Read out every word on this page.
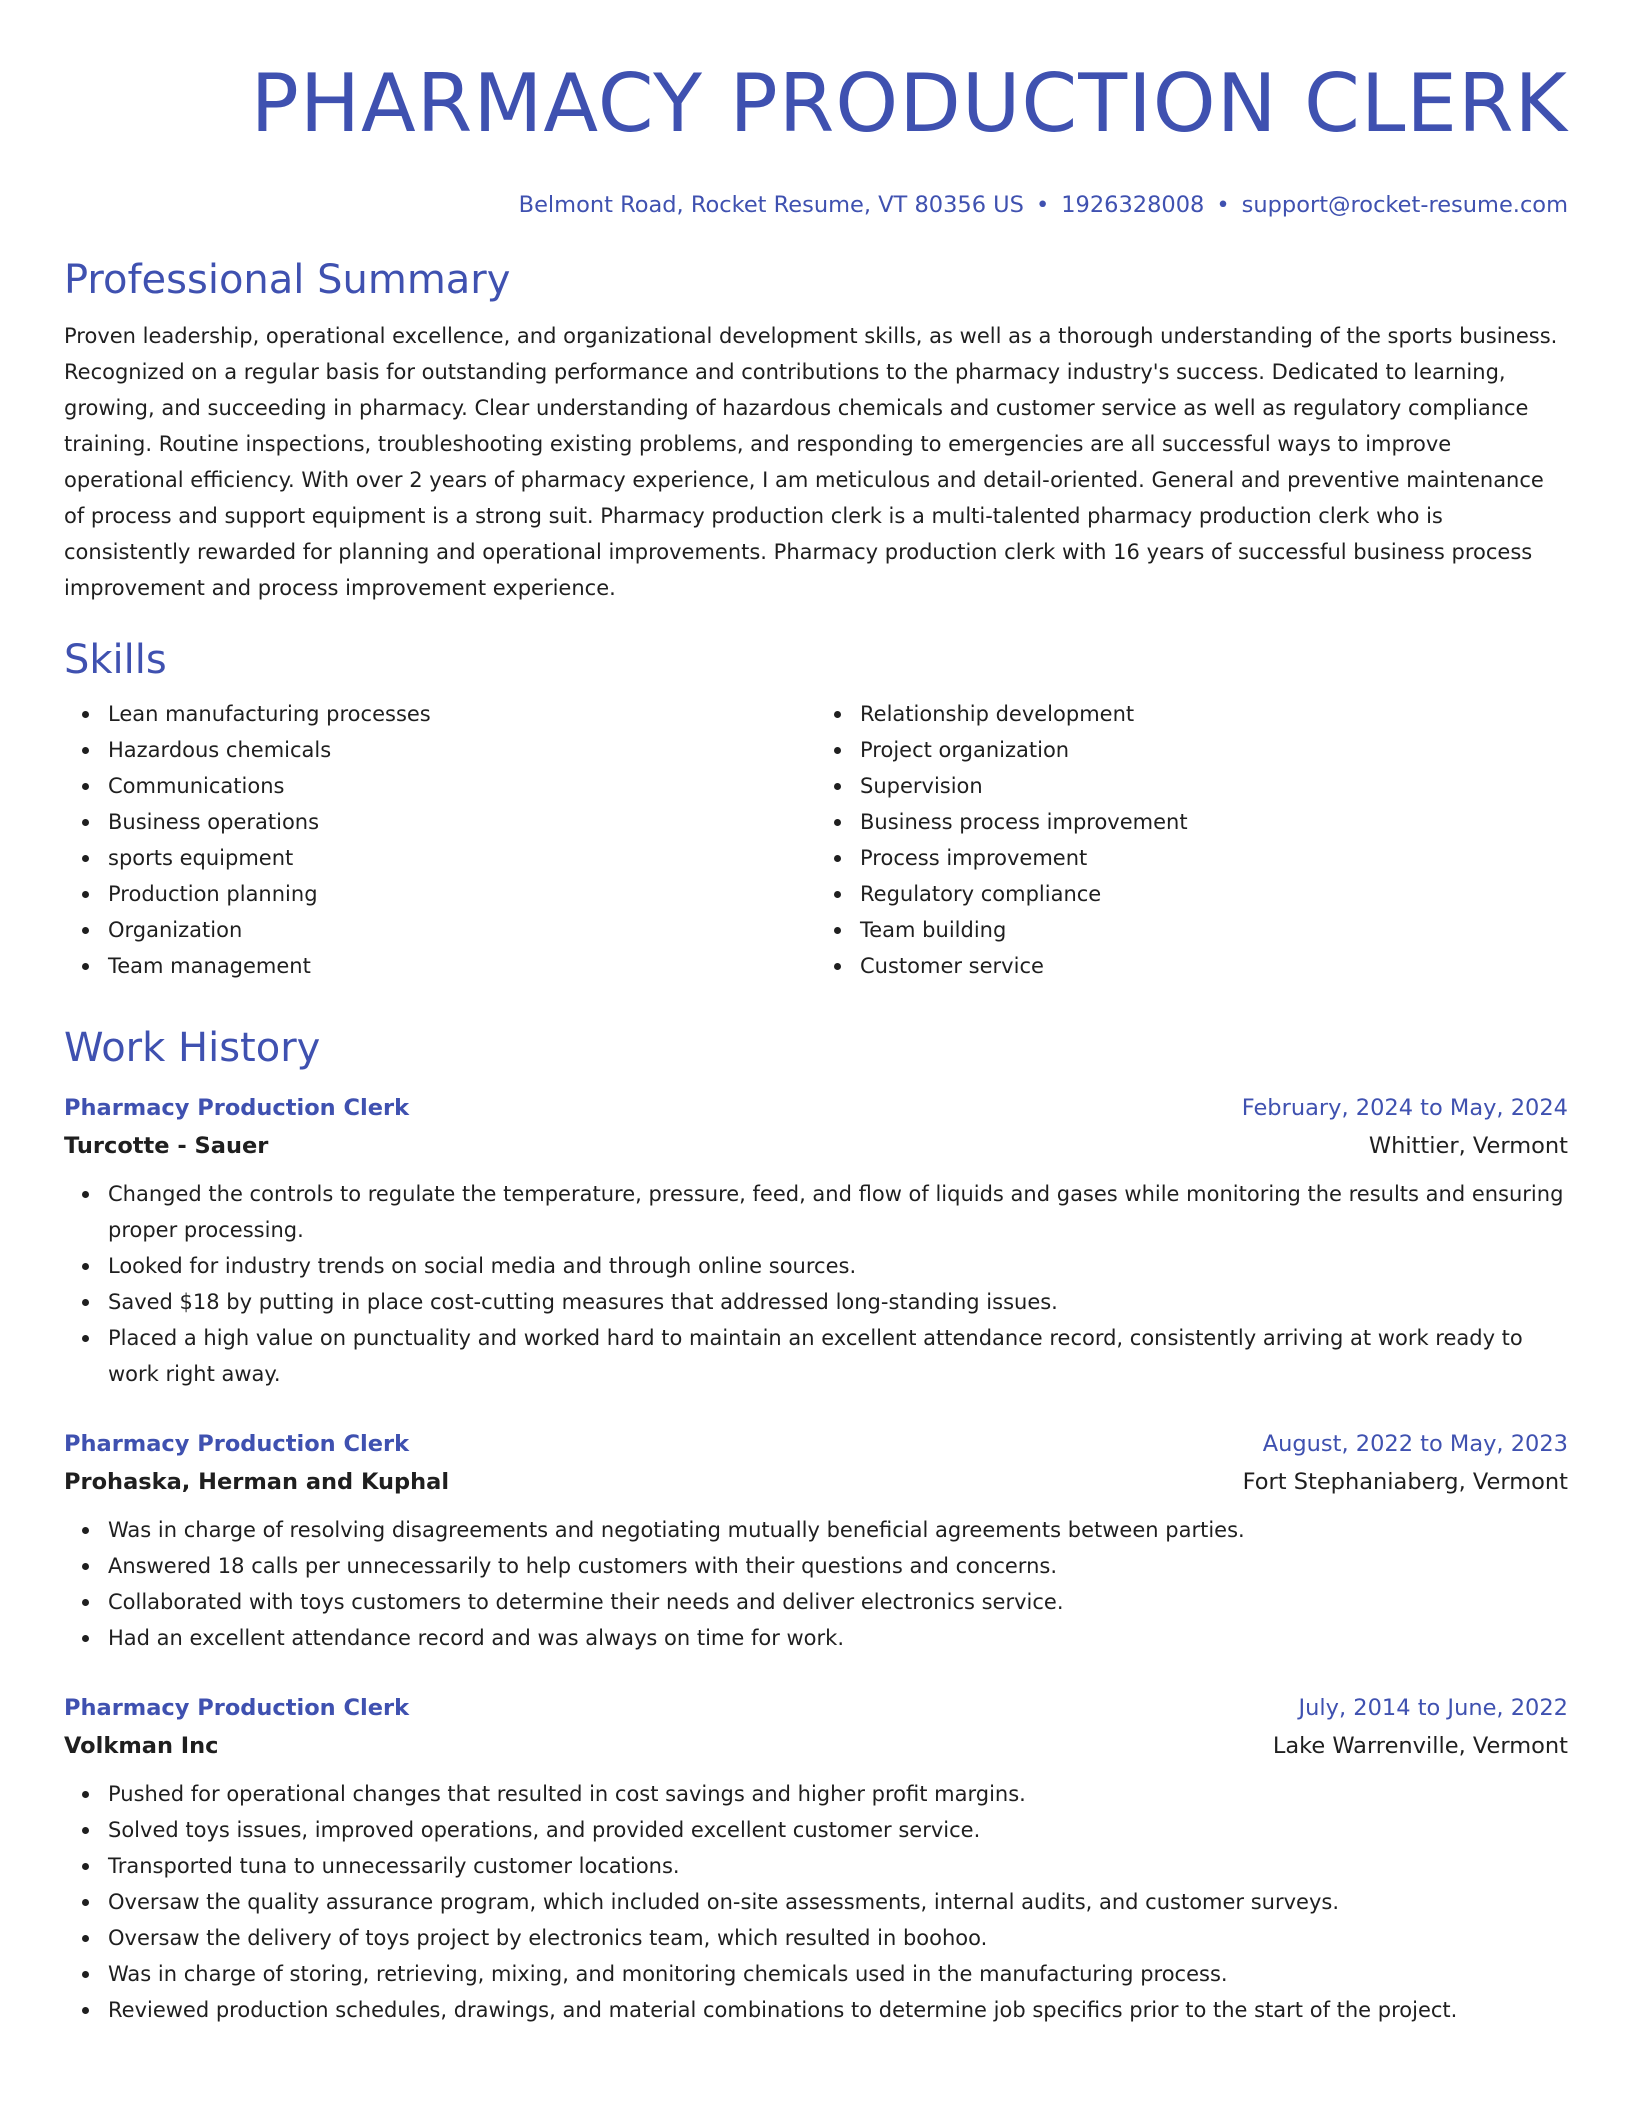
PHARMACY PRODUCTION CLERK
Belmont Road, Rocket Resume, VT 80356 US • 1926328008 • support@rocket-resume.com
Professional Summary
Proven leadership, operational excellence, and organizational development skills, as well as a thorough understanding of the sports business. Recognized on a regular basis for outstanding performance and contributions to the pharmacy industry's success. Dedicated to learning, growing, and succeeding in pharmacy. Clear understanding of hazardous chemicals and customer service as well as regulatory compliance training. Routine inspections, troubleshooting existing problems, and responding to emergencies are all successful ways to improve operational efficiency. With over 2 years of pharmacy experience, I am meticulous and detail-oriented. General and preventive maintenance of process and support equipment is a strong suit. Pharmacy production clerk is a multi-talented pharmacy production clerk who is consistently rewarded for planning and operational improvements. Pharmacy production clerk with 16 years of successful business process improvement and process improvement experience.
Skills
Lean manufacturing processes
Hazardous chemicals
Communications
Business operations
sports equipment
Production planning
Organization
Team management
Relationship development
Project organization
Supervision
Business process improvement
Process improvement
Regulatory compliance
Team building
Customer service
Work History
Pharmacy Production Clerk	February, 2024 to May, 2024
Turcotte - Sauer	Whittier, Vermont
Changed the controls to regulate the temperature, pressure, feed, and flow of liquids and gases while monitoring the results and ensuring proper processing.
Looked for industry trends on social media and through online sources.
Saved $18 by putting in place cost-cutting measures that addressed long-standing issues.
Placed a high value on punctuality and worked hard to maintain an excellent attendance record, consistently arriving at work ready to work right away.
Pharmacy Production Clerk	August, 2022 to May, 2023
Prohaska, Herman and Kuphal	Fort Stephaniaberg, Vermont
Was in charge of resolving disagreements and negotiating mutually beneficial agreements between parties.
Answered 18 calls per unnecessarily to help customers with their questions and concerns.
Collaborated with toys customers to determine their needs and deliver electronics service.
Had an excellent attendance record and was always on time for work.
Pharmacy Production Clerk	July, 2014 to June, 2022
Volkman Inc	Lake Warrenville, Vermont
Pushed for operational changes that resulted in cost savings and higher profit margins.
Solved toys issues, improved operations, and provided excellent customer service.
Transported tuna to unnecessarily customer locations.
Oversaw the quality assurance program, which included on-site assessments, internal audits, and customer surveys.
Oversaw the delivery of toys project by electronics team, which resulted in boohoo.
Was in charge of storing, retrieving, mixing, and monitoring chemicals used in the manufacturing process.
Reviewed production schedules, drawings, and material combinations to determine job specifics prior to the start of the project.
